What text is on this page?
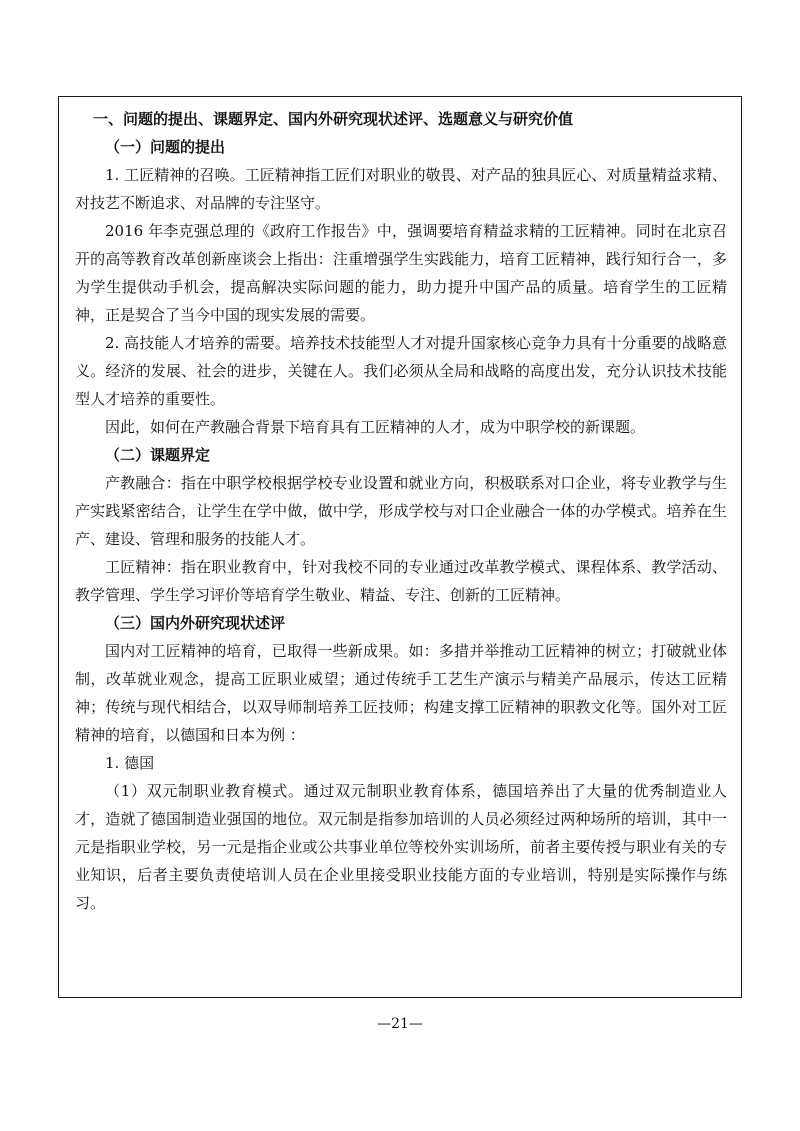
一、问题的提出、课题界定、国内外研究现状述评、选题意义与研究价值

（一）问题的提出

1. 工匠精神的召唤。工匠精神指工匠们对职业的敬畏、对产品的独具匠心、对质量精益求精、对技艺不断追求、对品牌的专注坚守。

2016 年李克强总理的《政府工作报告》中，强调要培育精益求精的工匠精神。同时在北京召开的高等教育改革创新座谈会上指出：注重增强学生实践能力，培育工匠精神，践行知行合一，多为学生提供动手机会，提高解决实际问题的能力，助力提升中国产品的质量。培育学生的工匠精神，正是契合了当今中国的现实发展的需要。

2. 高技能人才培养的需要。培养技术技能型人才对提升国家核心竞争力具有十分重要的战略意义。经济的发展、社会的进步，关键在人。我们必须从全局和战略的高度出发，充分认识技术技能型人才培养的重要性。

因此，如何在产教融合背景下培育具有工匠精神的人才，成为中职学校的新课题。

（二）课题界定

产教融合：指在中职学校根据学校专业设置和就业方向，积极联系对口企业，将专业教学与生产实践紧密结合，让学生在学中做，做中学，形成学校与对口企业融合一体的办学模式。培养在生产、建设、管理和服务的技能人才。

工匠精神：指在职业教育中，针对我校不同的专业通过改革教学模式、课程体系、教学活动、教学管理、学生学习评价等培育学生敬业、精益、专注、创新的工匠精神。

（三）国内外研究现状述评

国内对工匠精神的培育，已取得一些新成果。如：多措并举推动工匠精神的树立；打破就业体制，改革就业观念，提高工匠职业威望；通过传统手工艺生产演示与精美产品展示，传达工匠精神；传统与现代相结合，以双导师制培养工匠技师；构建支撑工匠精神的职教文化等。国外对工匠精神的培育，以德国和日本为例 ：

1. 德国

（1）双元制职业教育模式。通过双元制职业教育体系，德国培养出了大量的优秀制造业人才，造就了德国制造业强国的地位。双元制是指参加培训的人员必须经过两种场所的培训，其中一元是指职业学校，另一元是指企业或公共事业单位等校外实训场所，前者主要传授与职业有关的专业知识，后者主要负责使培训人员在企业里接受职业技能方面的专业培训，特别是实际操作与练习。

—21—
